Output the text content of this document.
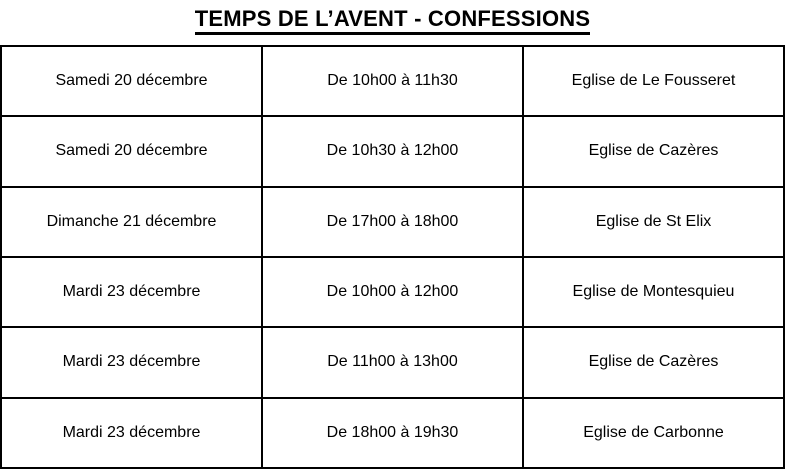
TEMPS DE L’AVENT - CONFESSIONS
Samedi 20 décembre	De 10h00 à 11h30	Eglise de Le Fousseret
Samedi 20 décembre	De 10h30 à 12h00	Eglise de Cazères
Dimanche 21 décembre	De 17h00 à 18h00	Eglise de St Elix
Mardi 23 décembre	De 10h00 à 12h00	Eglise de Montesquieu
Mardi 23 décembre	De 11h00 à 13h00	Eglise de Cazères
Mardi 23 décembre	De 18h00 à 19h30	Eglise de Carbonne
